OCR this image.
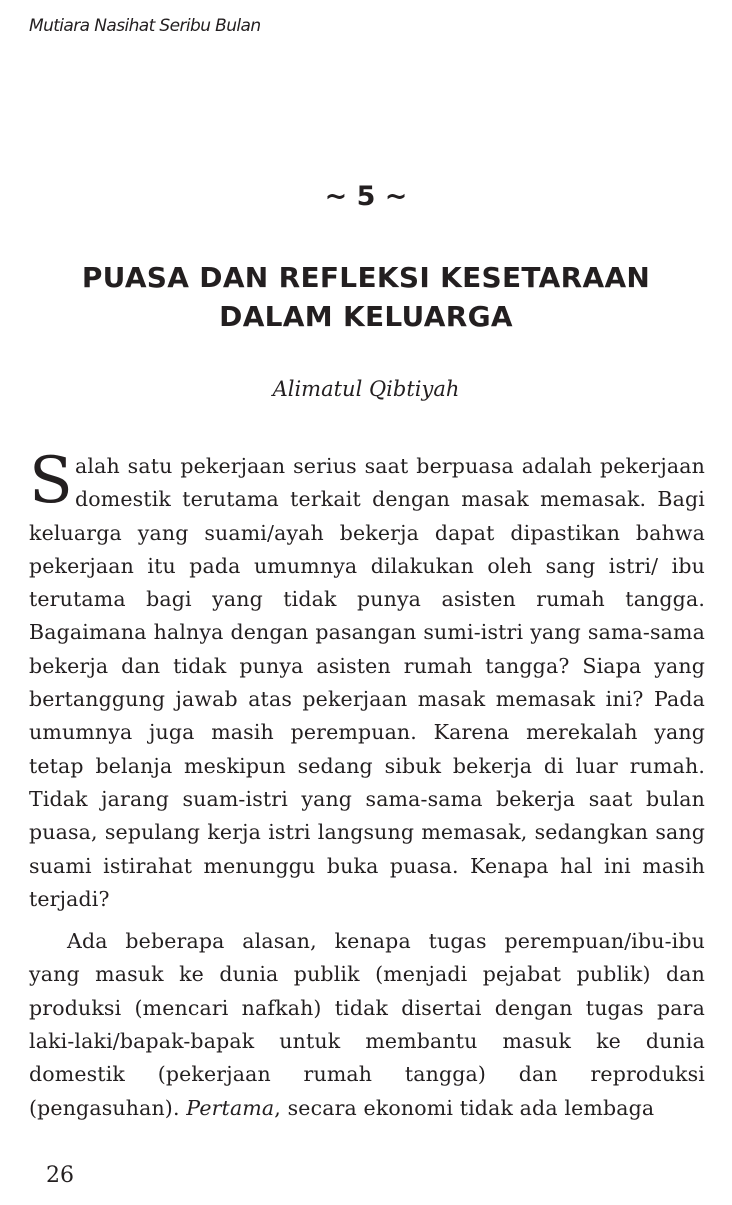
Mutiara Nasihat Seribu Bulan
~ 5 ~
PUASA DAN REFLEKSI KESETARAAN
DALAM KELUARGA
Alimatul Qibtiyah

Salah satu pekerjaan serius saat berpuasa adalah pekerjaan domestik terutama terkait dengan masak memasak. Bagi keluarga yang suami/ayah bekerja dapat dipastikan bahwa pekerjaan itu pada umumnya dilakukan oleh sang istri/ ibu terutama bagi yang tidak punya asisten rumah tangga. Bagaimana halnya dengan pasangan sumi-istri yang sama-sama bekerja dan tidak punya asisten rumah tangga? Siapa yang bertanggung jawab atas pekerjaan masak memasak ini? Pada umumnya juga masih perempuan. Karena merekalah yang tetap belanja meskipun sedang sibuk bekerja di luar rumah. Tidak jarang suam-istri yang sama-sama bekerja saat bulan puasa, sepulang kerja istri langsung memasak, sedangkan sang suami istirahat menunggu buka puasa. Kenapa hal ini masih terjadi?

Ada beberapa alasan, kenapa tugas perempuan/ibu-ibu yang masuk ke dunia publik (menjadi pejabat publik) dan produksi (mencari nafkah) tidak disertai dengan tugas para laki-laki/bapak-bapak untuk membantu masuk ke dunia domestik (pekerjaan rumah tangga) dan reproduksi (pengasuhan). Pertama, secara ekonomi tidak ada lembaga

26
